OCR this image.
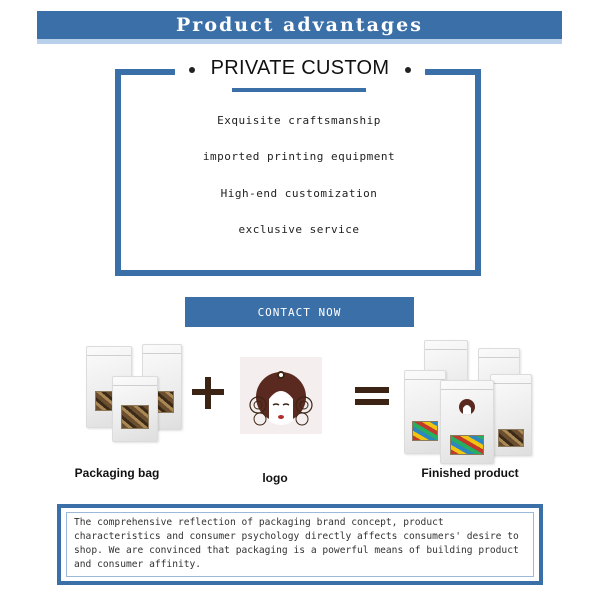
Product advantages
PRIVATE CUSTOM
Exquisite craftsmanship
imported printing equipment
High-end customization
exclusive service
CONTACT NOW
Packaging bag	logo	Finished product
The comprehensive reflection of packaging brand concept, product characteristics and consumer psychology directly affects consumers' desire to shop. We are convinced that packaging is a powerful means of building product and consumer affinity.
